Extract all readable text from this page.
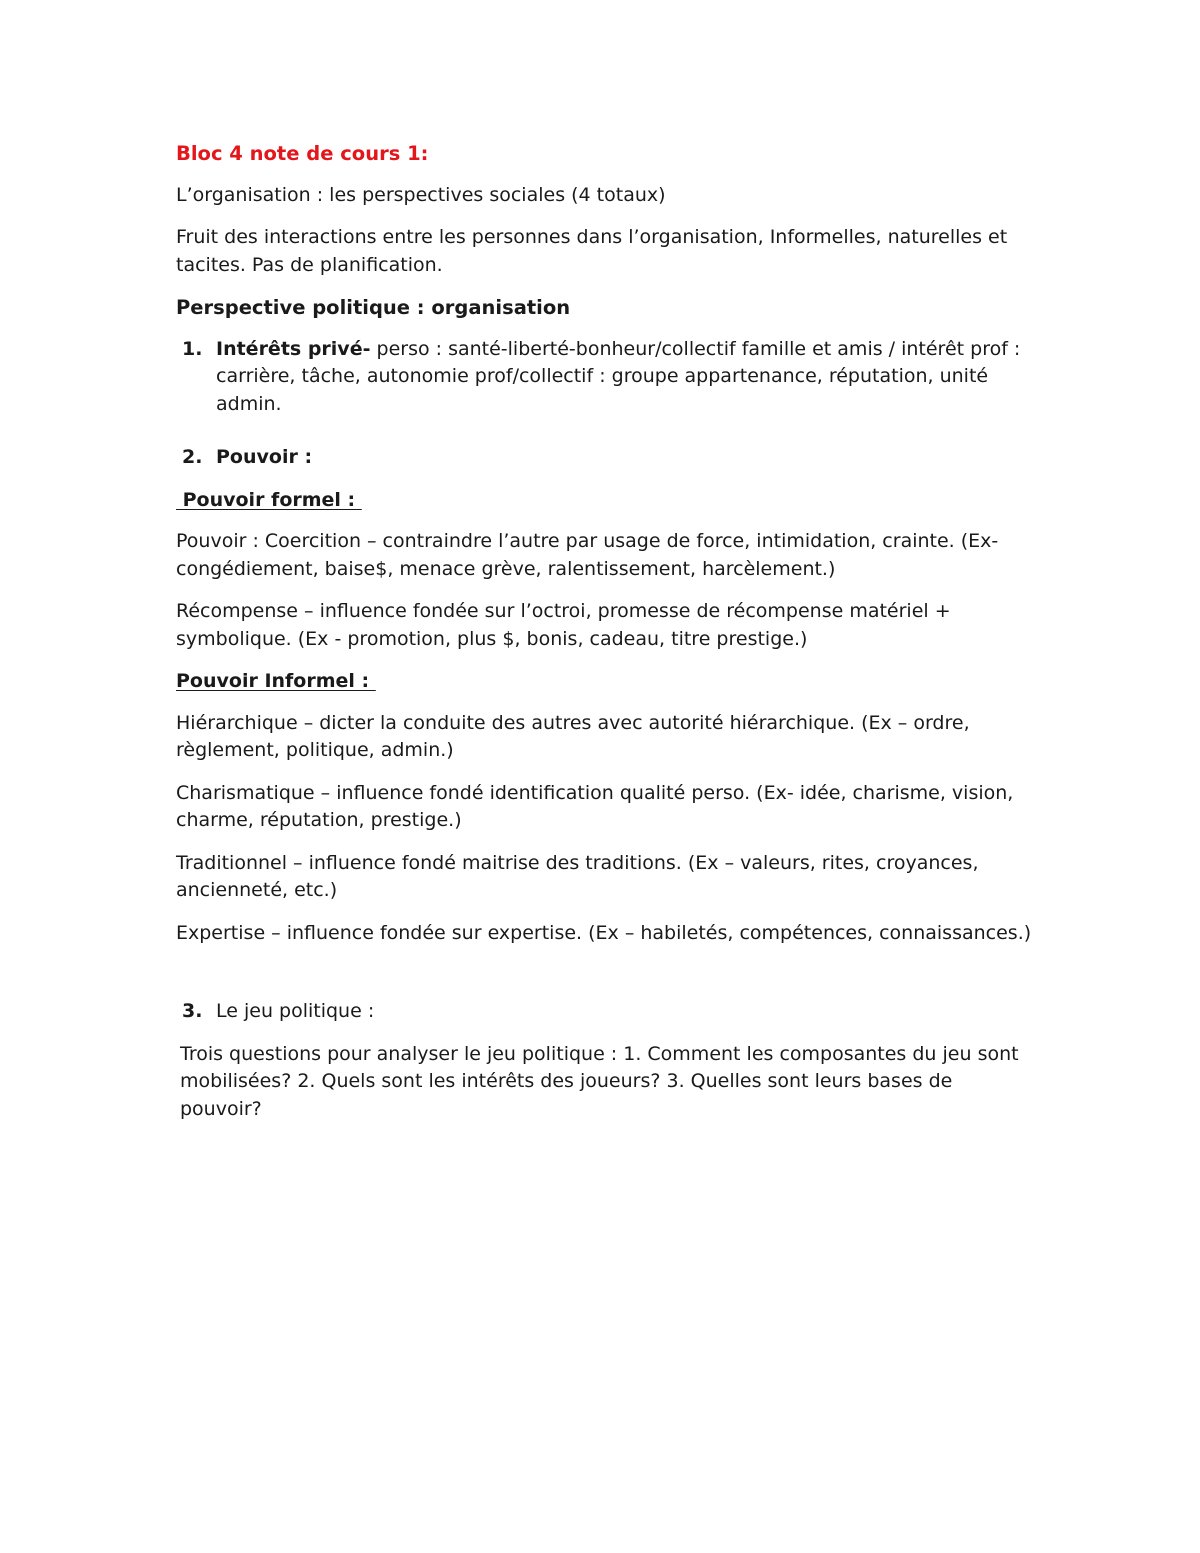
Bloc 4 note de cours 1:

L’organisation : les perspectives sociales (4 totaux)

Fruit des interactions entre les personnes dans l’organisation, Informelles, naturelles et tacites. Pas de planification.

Perspective politique : organisation

1. Intérêts privé- perso : santé-liberté-bonheur/collectif famille et amis / intérêt prof : carrière, tâche, autonomie prof/collectif : groupe appartenance, réputation, unité admin.
2. Pouvoir :

Pouvoir formel :

Pouvoir : Coercition – contraindre l’autre par usage de force, intimidation, crainte. (Ex-congédiement, baise$, menace grève, ralentissement, harcèlement.)

Récompense – influence fondée sur l’octroi, promesse de récompense matériel + symbolique. (Ex - promotion, plus $, bonis, cadeau, titre prestige.)

Pouvoir Informel :

Hiérarchique – dicter la conduite des autres avec autorité hiérarchique. (Ex – ordre, règlement, politique, admin.)

Charismatique – influence fondé identification qualité perso. (Ex- idée, charisme, vision, charme, réputation, prestige.)

Traditionnel – influence fondé maitrise des traditions. (Ex – valeurs, rites, croyances, ancienneté, etc.)

Expertise – influence fondée sur expertise. (Ex – habiletés, compétences, connaissances.)

3. Le jeu politique :

Trois questions pour analyser le jeu politique : 1. Comment les composantes du jeu sont mobilisées? 2. Quels sont les intérêts des joueurs? 3. Quelles sont leurs bases de pouvoir?
